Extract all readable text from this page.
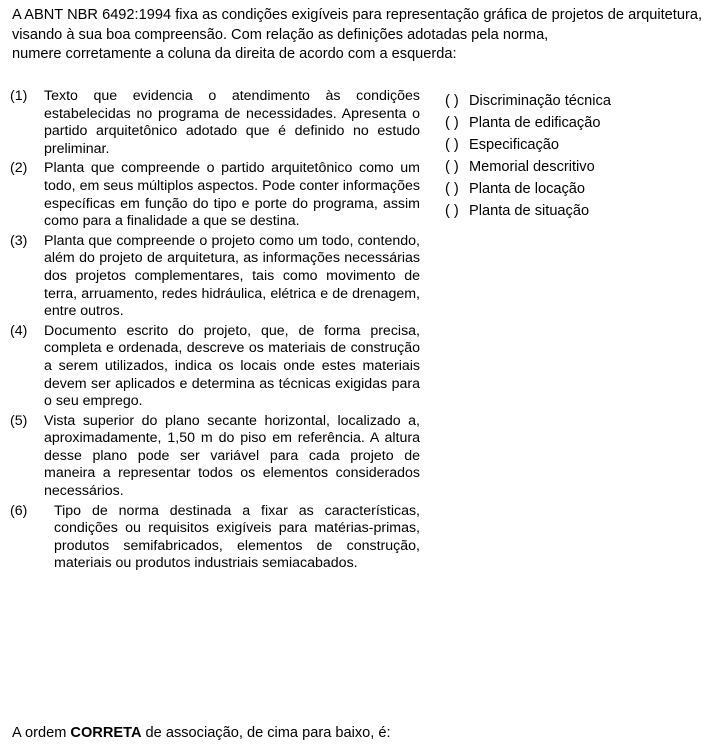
A ABNT NBR 6492:1994 fixa as condições exigíveis para representação gráfica de projetos de arquitetura, visando à sua boa compreensão. Com relação as definições adotadas pela norma,
numere corretamente a coluna da direita de acordo com a esquerda:
(1)	Texto que evidencia o atendimento às condições estabelecidas no programa de necessidades. Apresenta o partido arquitetônico adotado que é definido no estudo preliminar.
(2)	Planta que compreende o partido arquitetônico como um todo, em seus múltiplos aspectos. Pode conter informações específicas em função do tipo e porte do programa, assim como para a finalidade a que se destina.
(3)	Planta que compreende o projeto como um todo, contendo, além do projeto de arquitetura, as informações necessárias dos projetos complementares, tais como movimento de terra, arruamento, redes hidráulica, elétrica e de drenagem, entre outros.
(4)	Documento escrito do projeto, que, de forma precisa, completa e ordenada, descreve os materiais de construção a serem utilizados, indica os locais onde estes materiais devem ser aplicados e determina as técnicas exigidas para o seu emprego.
(5)	Vista superior do plano secante horizontal, localizado a, aproximadamente, 1,50 m do piso em referência. A altura desse plano pode ser variável para cada projeto de maneira a representar todos os elementos considerados necessários.
(6)	Tipo de norma destinada a fixar as características, condições ou requisitos exigíveis para matérias-primas, produtos semifabricados, elementos de construção, materiais ou produtos industriais semiacabados.
( ) Discriminação técnica
( ) Planta de edificação
( ) Especificação
( ) Memorial descritivo
( ) Planta de locação
( ) Planta de situação
A ordem CORRETA de associação, de cima para baixo, é:
